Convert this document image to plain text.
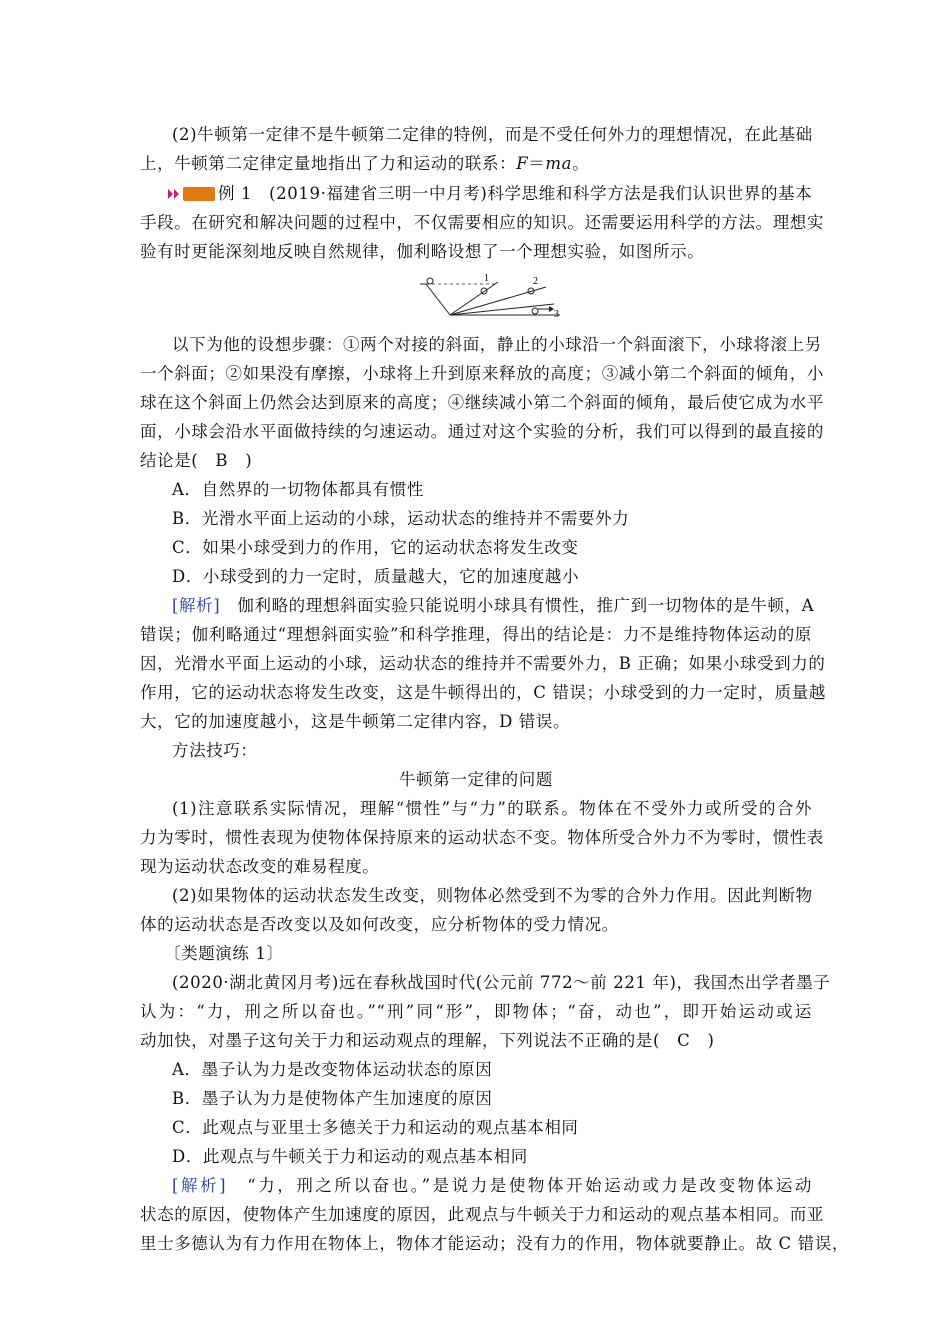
(2)牛顿第一定律不是牛顿第二定律的特例，而是不受任何外力的理想情况，在此基础
上，牛顿第二定律定量地指出了力和运动的联系：F＝ma。
例 1　(2019·福建省三明一中月考)科学思维和科学方法是我们认识世界的基本
手段。在研究和解决问题的过程中，不仅需要相应的知识。还需要运用科学的方法。理想实
验有时更能深刻地反映自然规律，伽利略设想了一个理想实验，如图所示。
1	2
3
以下为他的设想步骤：①两个对接的斜面，静止的小球沿一个斜面滚下，小球将滚上另
一个斜面；②如果没有摩擦，小球将上升到原来释放的高度；③减小第二个斜面的倾角，小
球在这个斜面上仍然会达到原来的高度；④继续减小第二个斜面的倾角，最后使它成为水平
面，小球会沿水平面做持续的匀速运动。通过对这个实验的分析，我们可以得到的最直接的
结论是(　B　)
A．自然界的一切物体都具有惯性
B．光滑水平面上运动的小球，运动状态的维持并不需要外力
C．如果小球受到力的作用，它的运动状态将发生改变
D．小球受到的力一定时，质量越大，它的加速度越小
[解析]　伽利略的理想斜面实验只能说明小球具有惯性，推广到一切物体的是牛顿，A
错误；伽利略通过“理想斜面实验”和科学推理，得出的结论是：力不是维持物体运动的原
因，光滑水平面上运动的小球，运动状态的维持并不需要外力，B 正确；如果小球受到力的
作用，它的运动状态将发生改变，这是牛顿得出的，C 错误；小球受到的力一定时，质量越
大，它的加速度越小，这是牛顿第二定律内容，D 错误。
方法技巧：
牛顿第一定律的问题
(1)注意联系实际情况，理解“惯性”与“力”的联系。物体在不受外力或所受的合外
力为零时，惯性表现为使物体保持原来的运动状态不变。物体所受合外力不为零时，惯性表
现为运动状态改变的难易程度。
(2)如果物体的运动状态发生改变，则物体必然受到不为零的合外力作用。因此判断物
体的运动状态是否改变以及如何改变，应分析物体的受力情况。
〔类题演练 1〕
(2020·湖北黄冈月考)远在春秋战国时代(公元前 772～前 221 年)，我国杰出学者墨子
认为：“力，刑之所以奋也。”“刑”同“形”，即物体；“奋，动也”，即开始运动或运
动加快，对墨子这句关于力和运动观点的理解，下列说法不正确的是(　C　)
A．墨子认为力是改变物体运动状态的原因
B．墨子认为力是使物体产生加速度的原因
C．此观点与亚里士多德关于力和运动的观点基本相同
D．此观点与牛顿关于力和运动的观点基本相同
[解析]　“力，刑之所以奋也。”是说力是使物体开始运动或力是改变物体运动
状态的原因，使物体产生加速度的原因，此观点与牛顿关于力和运动的观点基本相同。而亚
里士多德认为有力作用在物体上，物体才能运动；没有力的作用，物体就要静止。故 C 错误，
